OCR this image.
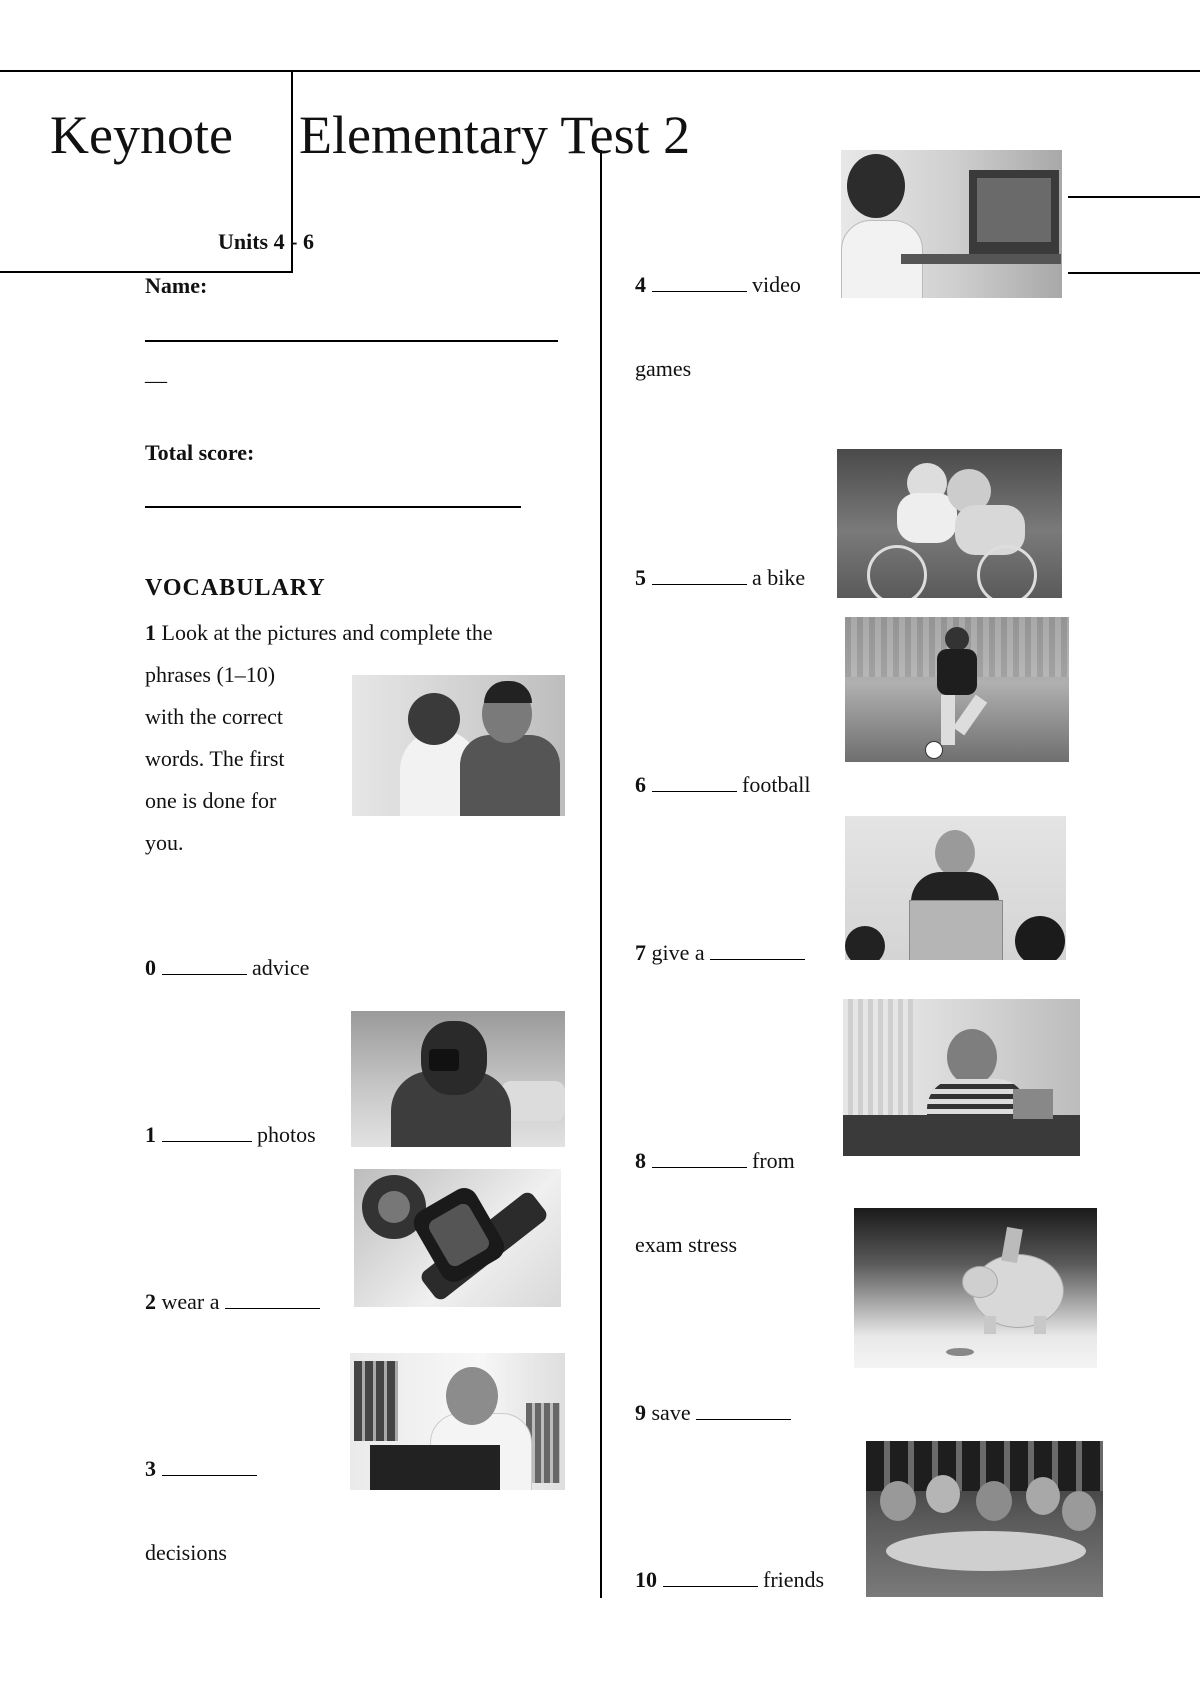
Keynote Elementary Test 2
Units 4 - 6
Name:
__
Total score:
VOCABULARY
1 Look at the pictures and complete the
phrases (1–10)
with the correct
words. The first
one is done for
you.
0	advice
1	photos
2 wear a
3
decisions
4	video
games
5	a bike
6	football
7 give a
8	from
exam stress
9 save
10	friends
